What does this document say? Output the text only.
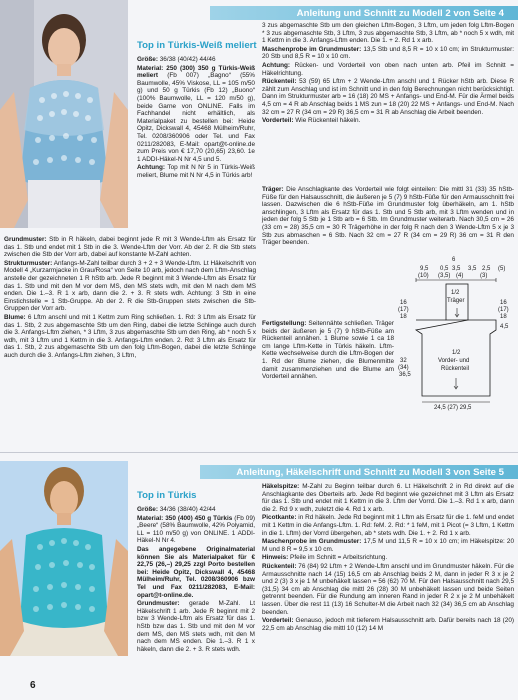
Anleitung und Schnitt zu Modell 2 von Seite 4
Top in Türkis-Weiß meliert

Größe: 36/38 (40/42) 44/46

Material: 250 (300) 350 g Türkis-Weiß meliert (Fb 007) „Bagno“ (55% Baumwolle, 45% Viskose, LL = 105 m/50 g) und 50 g Türkis (Fb 12) „Buono“ (100% Baumwolle, LL = 120 m/50 g), beide Garne von ONLINE. Falls im Fachhandel nicht erhältlich, als Materialpaket zu bestellen bei: Heide Opitz, Dickswall 4, 45468 Mülheim/Ruhr, Tel. 0208/360906 oder Tel. und Fax 0211/282083, E-Mail: opart@t-online.de zum Preis von € 17,70 (20,65) 23,60. 1e 1 ADDI-Häkel-N Nr 4,5 und 5.

Achtung: Top mit N Nr 5 in Türkis-Weiß meliert, Blume mit N Nr 4,5 in Türkis arb!

Grundmuster: Stb in R häkeln, dabei beginnt jede R mit 3 Wende-Lftm als Ersatz für das 1. Stb und endet mit 1 Stb in die 3. Wende-Lftm der Vorr. Ab der 2. R die Stb stets zwischen die Stb der Vorr arb, dabei auf konstante M-Zahl achten.

Strukturmuster: Anfangs-M-Zahl teilbar durch 3 + 2 + 3 Wende-Lftm. Lt Häkelschrift von Modell 4 „Kurzarmjacke in Grau/Rosa“ von Seite 10 arb, jedoch nach dem Lftm-Anschlag anstelle der gezeichneten 1 R hStb arb. Jede R beginnt mit 3 Wende-Lftm als Ersatz für das 1. Stb und mit den M vor dem MS, den MS stets wdh, mit den M nach dem MS enden. Die 1.–3. R 1 x arb, dann die 2. + 3. R stets wdh. Achtung: 3 Stb in eine Einstichstelle = 1 Stb-Gruppe. Ab der 2. R die Stb-Gruppen stets zwischen die Stb-Gruppen der Vorr arb.

Blume: 6 Lftm anschl und mit 1 Kettm zum Ring schließen. 1. Rd: 3 Lftm als Ersatz für das 1. Stb, 2 zus abgemaschte Stb um den Ring, dabei die letzte Schlinge auch durch die 3. Anfangs-Lftm ziehen, * 3 Lftm, 3 zus abgemaschte Stb um den Ring, ab * noch 5 x wdh, mit 3 Lftm und 1 Kettm in die 3. Anfangs-Lftm enden. 2. Rd: 3 Lftm als Ersatz für das 1. Stb, 2 zus abgemaschte Stb um den folg Lftm-Bogen, dabei die letzte Schlinge auch durch die 3. Anfangs-Lftm ziehen, 3 Lftm,

3 zus abgemaschte Stb um den gleichen Lftm-Bogen, 3 Lftm, um jeden folg Lftm-Bogen * 3 zus abgemaschte Stb, 3 Lftm, 3 zus abgemaschte Stb, 3 Lftm, ab * noch 5 x wdh, mit 1 Kettm in die 3. Anfangs-Lftm enden. Die 1. + 2. Rd 1 x arb.

Maschenprobe im Grundmuster: 13,5 Stb und 8,5 R = 10 x 10 cm; im Strukturmuster: 20 Stb und 8,5 R = 10 x 10 cm.

Achtung: Rücken- und Vorderteil von oben nach unten arb. Pfeil im Schnitt = Häkelrichtung.

Rückenteil: 53 (59) 65 Lftm + 2 Wende-Lftm anschl und 1 Rücker hStb arb. Diese R zählt zum Anschlag und ist im Schnitt und in den folg Berechnungen nicht berücksichtigt. Dann im Strukturmuster arb = 16 (18) 20 MS + Anfangs- und End-M. Für die Ärmel beids 4,5 cm = 4 R ab Anschlag beids 1 MS zun = 18 (20) 22 MS + Anfangs- und End-M. Nach 32 cm = 27 R (34 cm = 29 R) 36,5 cm = 31 R ab Anschlag die Arbeit beenden.

Vorderteil: Wie Rückenteil häkeln.

Träger: Die Anschlagkante des Vorderteil wie folgt einteilen: Die mittl 31 (33) 35 hStb-Füße für den Halsausschnitt, die äußeren je 5 (7) 9 hStb-Füße für den Armausschnitt frei lassen. Dazwischen die 6 hStb-Füße im Grundmuster folg überhäkeln, am 1. hStb anschlingen, 3 Lftm als Ersatz für das 1. Stb und 5 Stb arb, mit 3 Lftm wenden und in jeden der folg 5 Stb je 1 Stb arb = 6 Stb. Im Grundmuster weiterarb. Nach 30,5 cm = 26 (33 cm = 28) 35,5 cm = 30 R Trägerhöhe in der folg R nach den 3 Wende-Lftm 5 x je 3 Stb zus abmaschen = 6 Stb. Nach 32 cm = 27 R (34 cm = 29 R) 36 cm = 31 R den Träger beenden.

Fertigstellung: Seitennähte schließen. Träger beids der äußeren je 5 (7) 9 hStb-Füße am Rückenteil annähen. 1 Blume sowie 1 ca 18 cm lange Lftm-Kette in Türkis häkeln. Lftm-Kette wechselweise durch die Lftm-Bogen der 1. Rd der Blume ziehen, die Blumenmitte damit zusammenziehen und die Blume am Vorderteil annähen.

9,5 0,5 3,5 3,5 2,5
(10) (3,5) (4)	(3)
6
(5)
1/2
Träger
16
(17)
18
16
(17)
18
4,5
1/2
Vorder- und
Rückenteil
32
(34)
36,5
24,5 (27) 29,5
Anleitung, Häkelschrift und Schnitt zu Modell 3 von Seite 5
Top in Türkis

Größe: 34/36 (38/40) 42/44

Material: 350 (400) 450 g Türkis (Fb 09) „Beere“ (58% Baumwolle, 42% Polyamid, LL = 110 m/50 g) von ONLINE. 1 ADDI-Häkel-N Nr 4.

Das angegebene Originalmaterial können Sie als Materialpaket für € 22,75 (26,–) 29,25 zzgl Porto bestellen bei: Heide Opitz, Dickswall 4, 45468 Mülheim/Ruhr, Tel. 0208/360906 bzw Tel und Fax 0211/282083, E-Mail: opart@t-online.de.

Grundmuster: gerade M-Zahl. Lt Häkelschrift 1 arb. Jede R beginnt mit 2 bzw 3 Wende-Lftm als Ersatz für das 1. hStb bzw das 1. Stb und mit den M vor dem MS, den MS stets wdh, mit den M nach dem MS enden. Die 1.–3. R 1 x häkeln, dann die 2. + 3. R stets wdh.

Häkelspitze: M-Zahl zu Beginn teilbar durch 6. Lt Häkelschrift 2 in Rd direkt auf die Anschlagkante des Oberteils arb. Jede Rd beginnt wie gezeichnet mit 3 Lftm als Ersatz für das 1. Stb und endet mit 1 Kettm in die 3. Lftm der Vorrd. Die 1.–3. Rd 1 x arb, dann die 2. Rd 9 x wdh, zuletzt die 4. Rd 1 x arb.

Picotkante: in Rd häkeln. Jede Rd beginnt mit 1 Lftm als Ersatz für die 1. feM und endet mit 1 Kettm in die Anfangs-Lftm. 1. Rd: feM. 2. Rd: * 1 feM, mit 1 Picot (= 3 Lftm, 1 Kettm in die 1. Lftm) der Vorrd übergehen, ab * stets wdh. Die 1. + 2. Rd 1 x arb.

Maschenprobe im Grundmuster: 17,5 M und 11,5 R = 10 x 10 cm; im Häkelspitze: 20 M und 8 R = 9,5 x 10 cm.

Hinweis: Pfeile im Schnitt = Arbeitsrichtung.

Rückenteil: 76 (84) 92 Lftm + 2 Wende-Lftm anschl und im Grundmuster häkeln. Für die Armausschnitte nach 14 (15) 16,5 cm ab Anschlag beids 2 M, dann in jeder R 3 x je 2 und 2 (3) 3 x je 1 M unbehäkelt lassen = 56 (62) 70 M. Für den Halsausschnitt nach 29,5 (31,5) 34 cm ab Anschlag die mittl 26 (28) 30 M unbehäkelt lassen und beide Seiten getrennt beenden. Für die Rundung am inneren Rand in jeder R 2 x je 2 M unbehäkelt lassen. Über die rest 11 (13) 16 Schulter-M die Arbeit nach 32 (34) 36,5 cm ab Anschlag beenden.

Vorderteil: Genauso, jedoch mit tieferem Halsausschnitt arb. Dafür bereits nach 18 (20) 22,5 cm ab Anschlag die mittl 10 (12) 14 M

6
